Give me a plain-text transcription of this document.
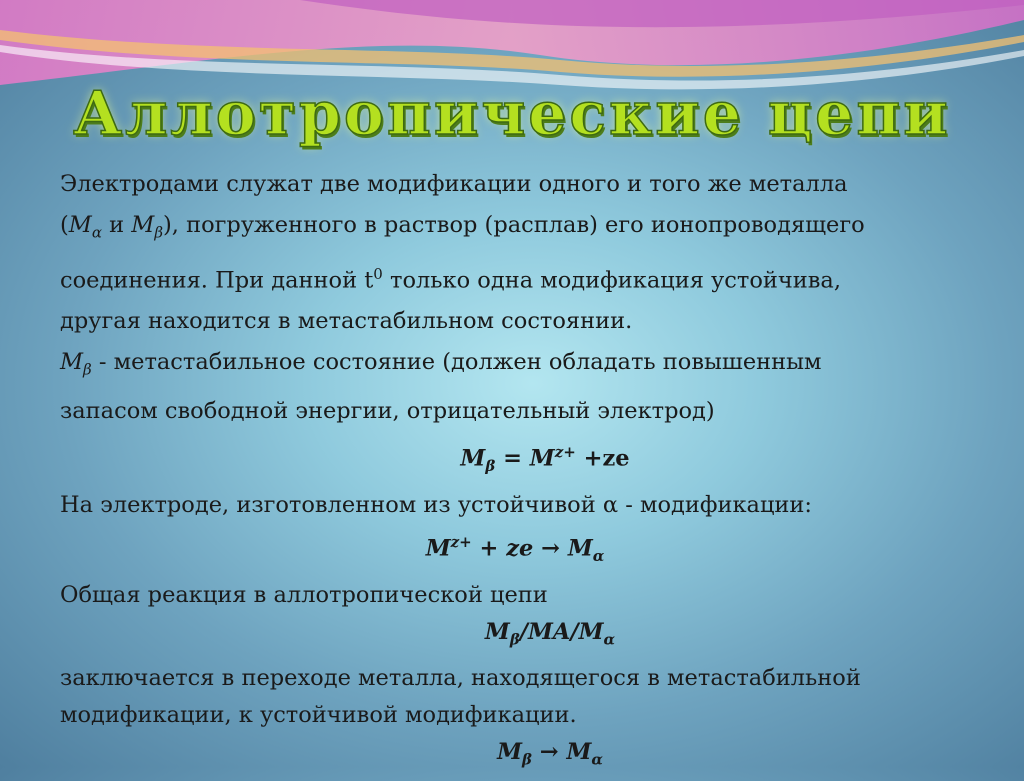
Аллотропические цепи
Электродами служат две модификации одного и того же металла
($M_\alpha$ и $M_\beta$), погруженного в раствор (расплав) его ионопроводящего
соединения. При данной $t^0$ только одна модификация устойчива,
другая находится в метастабильном состоянии.
$M_\beta$ - метастабильное состояние (должен обладать повышенным
запасом свободной энергии, отрицательный электрод)
$M_\beta = M^{z+} +ze$
На электроде, изготовленном из устойчивой α - модификации:
$M^{z+}$ + ze → $M_\alpha$
Общая реакция в аллотропической цепи
$M_\beta/MA/M_\alpha$
заключается в переходе металла, находящегося в метастабильной
модификации, к устойчивой модификации.
$M_\beta \to M_\alpha$
